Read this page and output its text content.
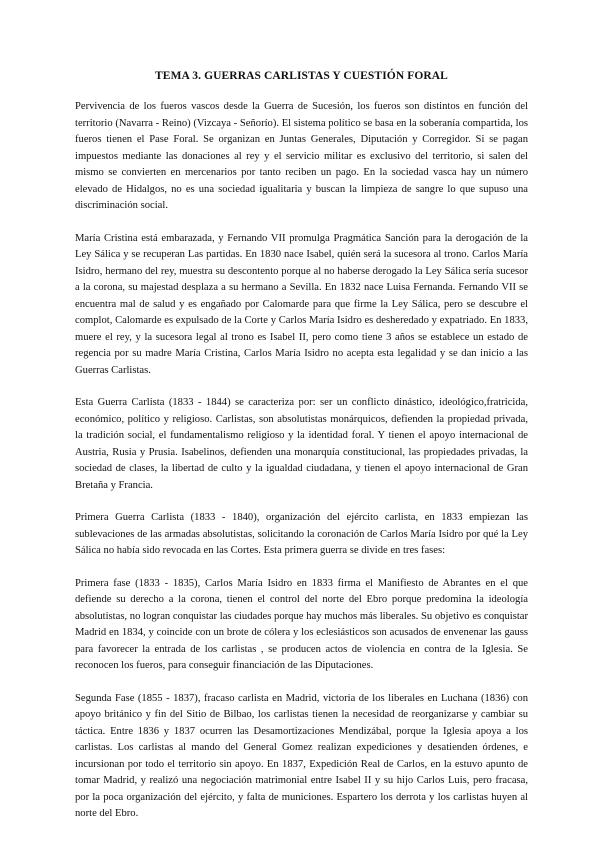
TEMA 3. GUERRAS CARLISTAS Y CUESTIÓN FORAL

Pervivencia de los fueros vascos desde la Guerra de Sucesión, los fueros son distintos en función del territorio (Navarra - Reino) (Vizcaya - Señorío). El sistema político se basa en la soberanía compartida, los fueros tienen el Pase Foral. Se organizan en Juntas Generales, Diputación y Corregidor. Si se pagan impuestos mediante las donaciones al rey y el servicio militar es exclusivo del territorio, si salen del mismo se convierten en mercenarios por tanto reciben un pago. En la sociedad vasca hay un número elevado de Hidalgos, no es una sociedad igualitaria y buscan la limpieza de sangre lo que supuso una discriminación social.

María Cristina está embarazada, y Fernando VII promulga Pragmática Sanción para la derogación de la Ley Sálica y se recuperan Las partidas. En 1830 nace Isabel, quién será la sucesora al trono. Carlos María Isidro, hermano del rey, muestra su descontento porque al no haberse derogado la Ley Sálica sería sucesor a la corona, su majestad desplaza a su hermano a Sevilla. En 1832 nace Luisa Fernanda. Fernando VII se encuentra mal de salud y es engañado por Calomarde para que firme la Ley Sálica, pero se descubre el complot, Calomarde es expulsado de la Corte y Carlos María Isidro es desheredado y expatriado. En 1833, muere el rey, y la sucesora legal al trono es Isabel II, pero como tiene 3 años se establece un estado de regencia por su madre María Cristina, Carlos María Isidro no acepta esta legalidad y se dan inicio a las Guerras Carlistas.

Esta Guerra Carlista (1833 - 1844) se caracteriza por: ser un conflicto dinástico, ideológico,fratricida, económico, político y religioso. Carlistas, son absolutistas monárquicos, defienden la propiedad privada, la tradición social, el fundamentalismo religioso y la identidad foral. Y tienen el apoyo internacional de Austria, Rusia y Prusia. Isabelinos, defienden una monarquía constitucional, las propiedades privadas, la sociedad de clases, la libertad de culto y la igualdad ciudadana, y tienen el apoyo internacional de Gran Bretaña y Francia.

Primera Guerra Carlista (1833 - 1840), organización del ejército carlista, en 1833 empiezan las sublevaciones de las armadas absolutistas, solicitando la coronación de Carlos María Isidro por qué la Ley Sálica no había sido revocada en las Cortes. Esta primera guerra se divide en tres fases:

Primera fase (1833 - 1835), Carlos María Isidro en 1833 firma el Manifiesto de Abrantes en el que defiende su derecho a la corona, tienen el control del norte del Ebro porque predomina la ideología absolutistas, no logran conquistar las ciudades porque hay muchos más liberales. Su objetivo es conquistar Madrid en 1834, y coincide con un brote de cólera y los eclesiásticos son acusados de envenenar las gauss para favorecer la entrada de los carlistas , se producen actos de violencia en contra de la Iglesia. Se reconocen los fueros, para conseguir financiación de las Diputaciones.

Segunda Fase (1855 - 1837), fracaso carlista en Madrid, victoria de los liberales en Luchana (1836) con apoyo británico y fin del Sitio de Bilbao, los carlistas tienen la necesidad de reorganizarse y cambiar su táctica. Entre 1836 y 1837 ocurren las Desamortizaciones Mendizábal, porque la Iglesia apoya a los carlistas. Los carlistas al mando del General Gomez realizan expediciones y desatienden órdenes, e incursionan por todo el territorio sin apoyo. En 1837, Expedición Real de Carlos, en la estuvo apunto de tomar Madrid, y realizó una negociación matrimonial entre Isabel II y su hijo Carlos Luis, pero fracasa, por la poca organización del ejército, y falta de municiones. Espartero los derrota y los carlistas huyen al norte del Ebro.
